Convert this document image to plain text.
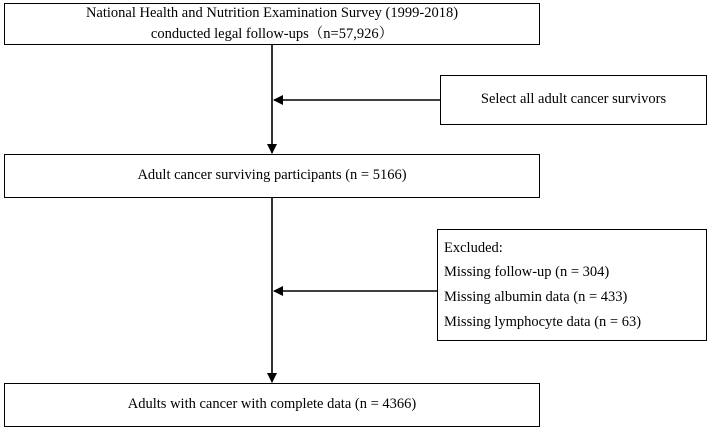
National Health and Nutrition Examination Survey (1999-2018)
conducted legal follow-ups（n=57,926）
Select all adult cancer survivors
Adult cancer surviving participants (n = 5166)
Excluded:
Missing follow-up (n = 304)
Missing albumin data (n = 433)
Missing lymphocyte data (n = 63)
Adults with cancer with complete data (n = 4366)
